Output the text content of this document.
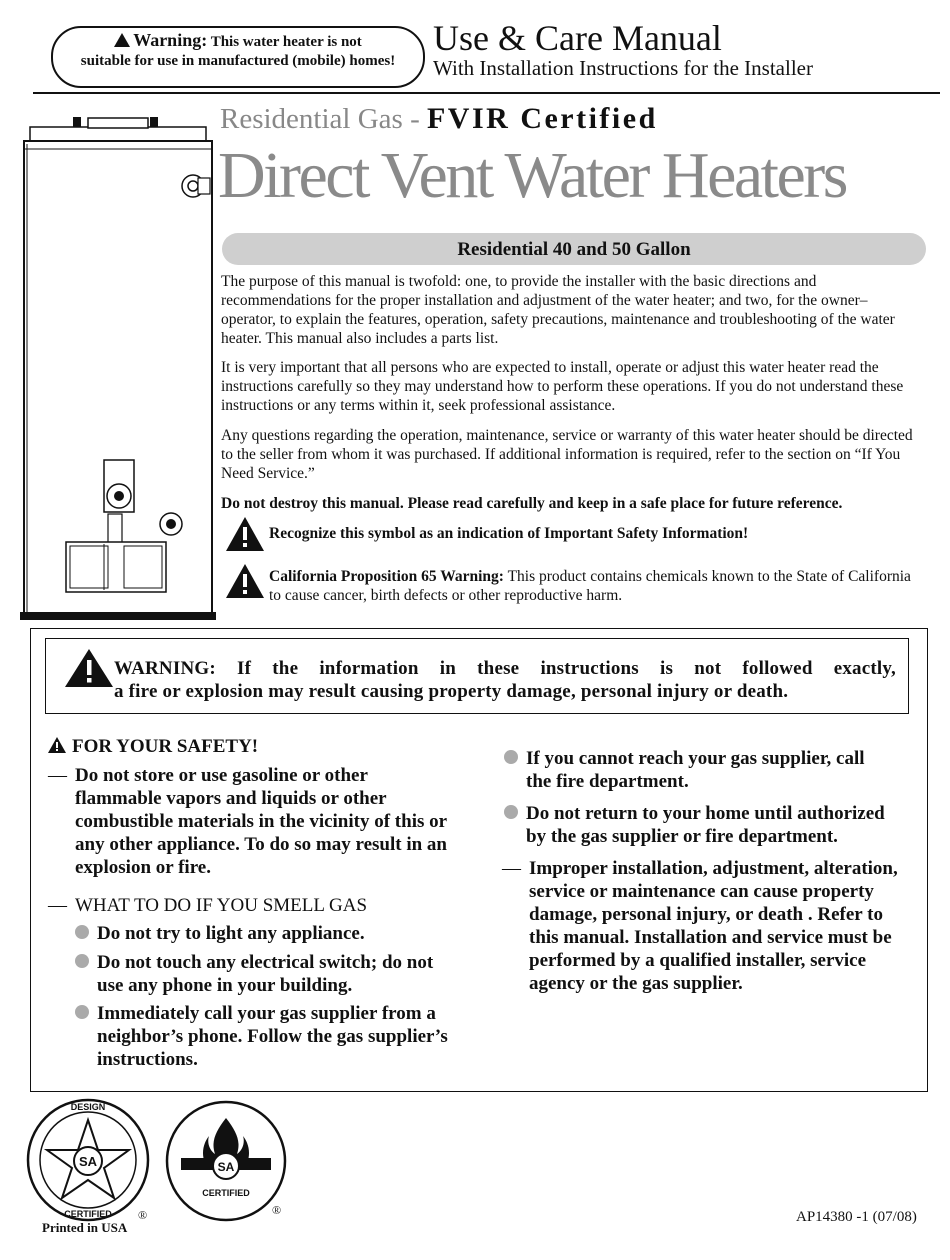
Warning: This water heater is not
suitable for use in manufactured (mobile) homes!
Use & Care Manual
With Installation Instructions for the Installer
Residential Gas - FVIR Certified
Direct Vent Water Heaters
Residential 40 and 50 Gallon

The purpose of this manual is twofold: one, to provide the installer with the basic directions and recommendations for the proper installation and adjustment of the water heater; and two, for the owner–operator, to explain the features, operation, safety precautions, maintenance and troubleshooting of the water heater. This manual also includes a parts list.

It is very important that all persons who are expected to install, operate or adjust this water heater read the instructions carefully so they may understand how to perform these operations. If you do not understand these instructions or any terms within it, seek professional assistance.

Any questions regarding the operation, maintenance, service or warranty of this water heater should be directed to the seller from whom it was purchased. If additional information is required, refer to the section on “If You Need Service.”

Do not destroy this manual. Please read carefully and keep in a safe place for future reference.

Recognize this symbol as an indication of Important Safety Information!
California Proposition 65 Warning: This product contains chemicals known to the State of California to cause cancer, birth defects or other reproductive harm.
WARNING: If the information in these instructions is not followed exactly,
a fire or explosion may result causing property damage, personal injury or death.
FOR YOUR SAFETY!
— Do not store or use gasoline or other
flammable vapors and liquids or other
combustible materials in the vicinity of this or
any other appliance. To do so may result in an
explosion or fire.
— WHAT TO DO IF YOU SMELL GAS
Do not try to light any appliance.
Do not touch any electrical switch; do not
use any phone in your building.
Immediately call your gas supplier from a
neighbor’s phone. Follow the gas supplier’s
instructions.
If you cannot reach your gas supplier, call
the fire department.
Do not return to your home until authorized
by the gas supplier or fire department.
— Improper installation, adjustment, alteration,
service or maintenance can cause property
damage, personal injury, or death . Refer to
this manual. Installation and service must be
performed by a qualified installer, service
agency or the gas supplier.
SA
DESIGN
CERTIFIED ®
SA
CERTIFIED
®
Printed in USA
AP14380 -1 (07/08)
